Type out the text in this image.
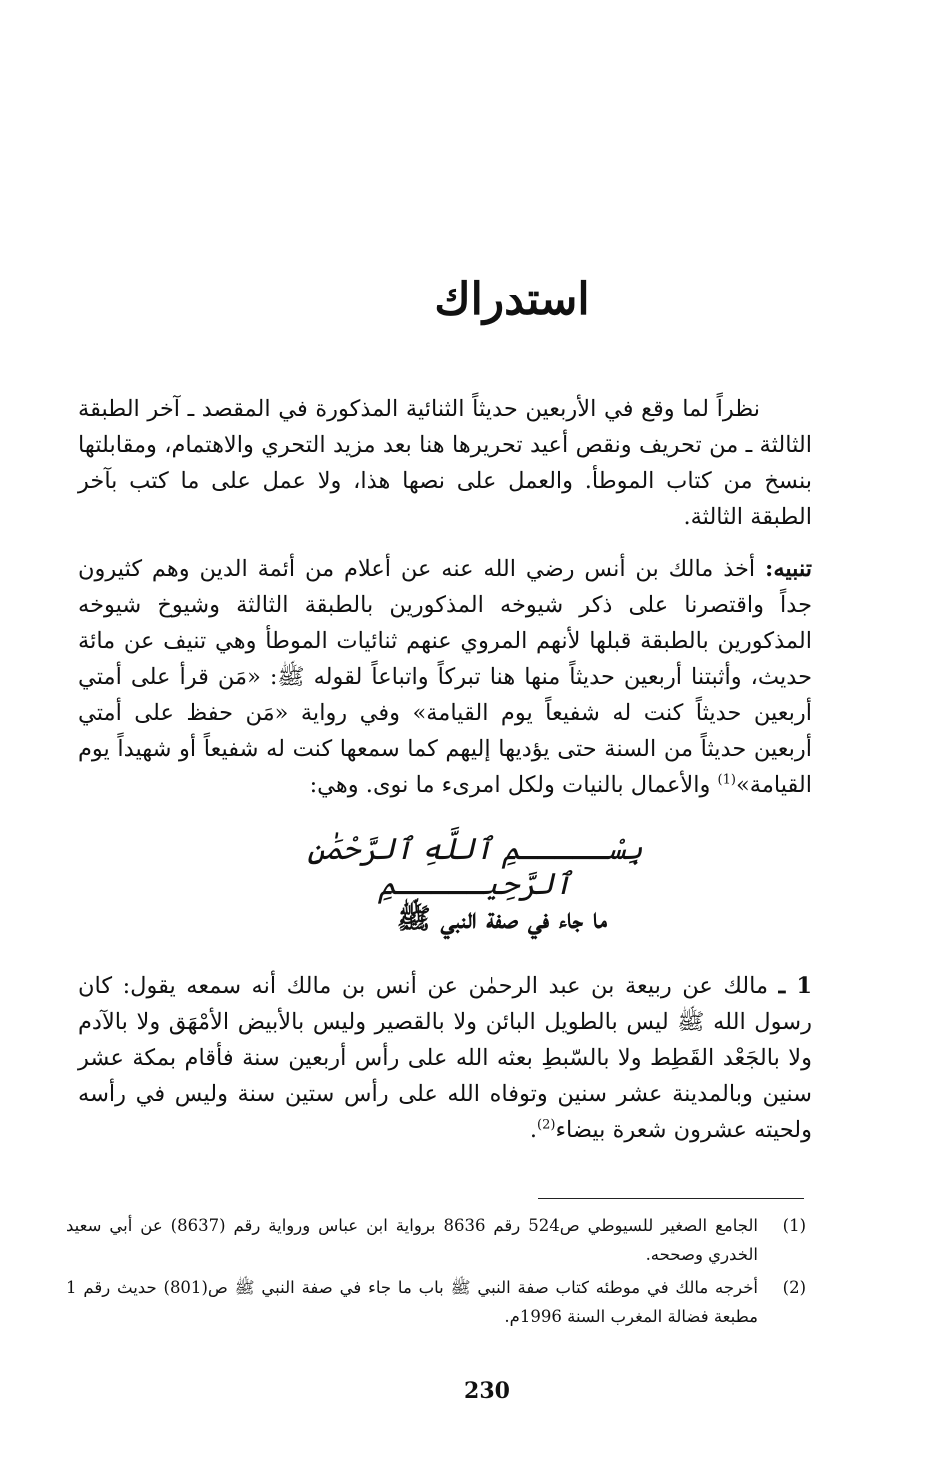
استدراك

نظراً لما وقع في الأربعين حديثاً الثنائية المذكورة في المقصد ـ آخر الطبقة الثالثة ـ من تحريف ونقص أعيد تحريرها هنا بعد مزيد التحري والاهتمام، ومقابلتها بنسخ من كتاب الموطأ. والعمل على نصها هذا، ولا عمل على ما كتب بآخر الطبقة الثالثة.

تنبيه: أخذ مالك بن أنس رضي الله عنه عن أعلام من أئمة الدين وهم كثيرون جداً واقتصرنا على ذكر شيوخه المذكورين بالطبقة الثالثة وشيوخ شيوخه المذكورين بالطبقة قبلها لأنهم المروي عنهم ثنائيات الموطأ وهي تنيف عن مائة حديث، وأثبتنا أربعين حديثاً منها هنا تبركاً واتباعاً لقوله ﷺ: «مَن قرأ على أمتي أربعين حديثاً كنت له شفيعاً يوم القيامة» وفي رواية «مَن حفظ على أمتي أربعين حديثاً من السنة حتى يؤديها إليهم كما سمعها كنت له شفيعاً أو شهيداً يوم القيامة»$^{(1)}$ والأعمال بالنيات ولكل امرىء ما نوى. وهي:

بِسْـــــمِ ٱللَّهِ ٱلرَّحْمَٰنِ ٱلرَّحِيـــــمِ
ما جاء في صفة النبي ﷺ

1 ـ مالك عن ربيعة بن عبد الرحمٰن عن أنس بن مالك أنه سمعه يقول: كان رسول الله ﷺ ليس بالطويل البائن ولا بالقصير وليس بالأبيض الأمْهَق ولا بالآدم ولا بالجَعْد القَطِط ولا بالسّبطِ بعثه الله على رأس أربعين سنة فأقام بمكة عشر سنين وبالمدينة عشر سنين وتوفاه الله على رأس ستين سنة وليس في رأسه ولحيته عشرون شعرة بيضاء$^{(2)}$.

(1)
الجامع الصغير للسيوطي ص524 رقم 8636 برواية ابن عباس ورواية رقم (8637) عن أبي سعيد الخدري وصححه.
(2)
أخرجه مالك في موطئه كتاب صفة النبي ﷺ باب ما جاء في صفة النبي ﷺ ص(801) حديث رقم 1 مطبعة فضالة المغرب السنة 1996م.
230
